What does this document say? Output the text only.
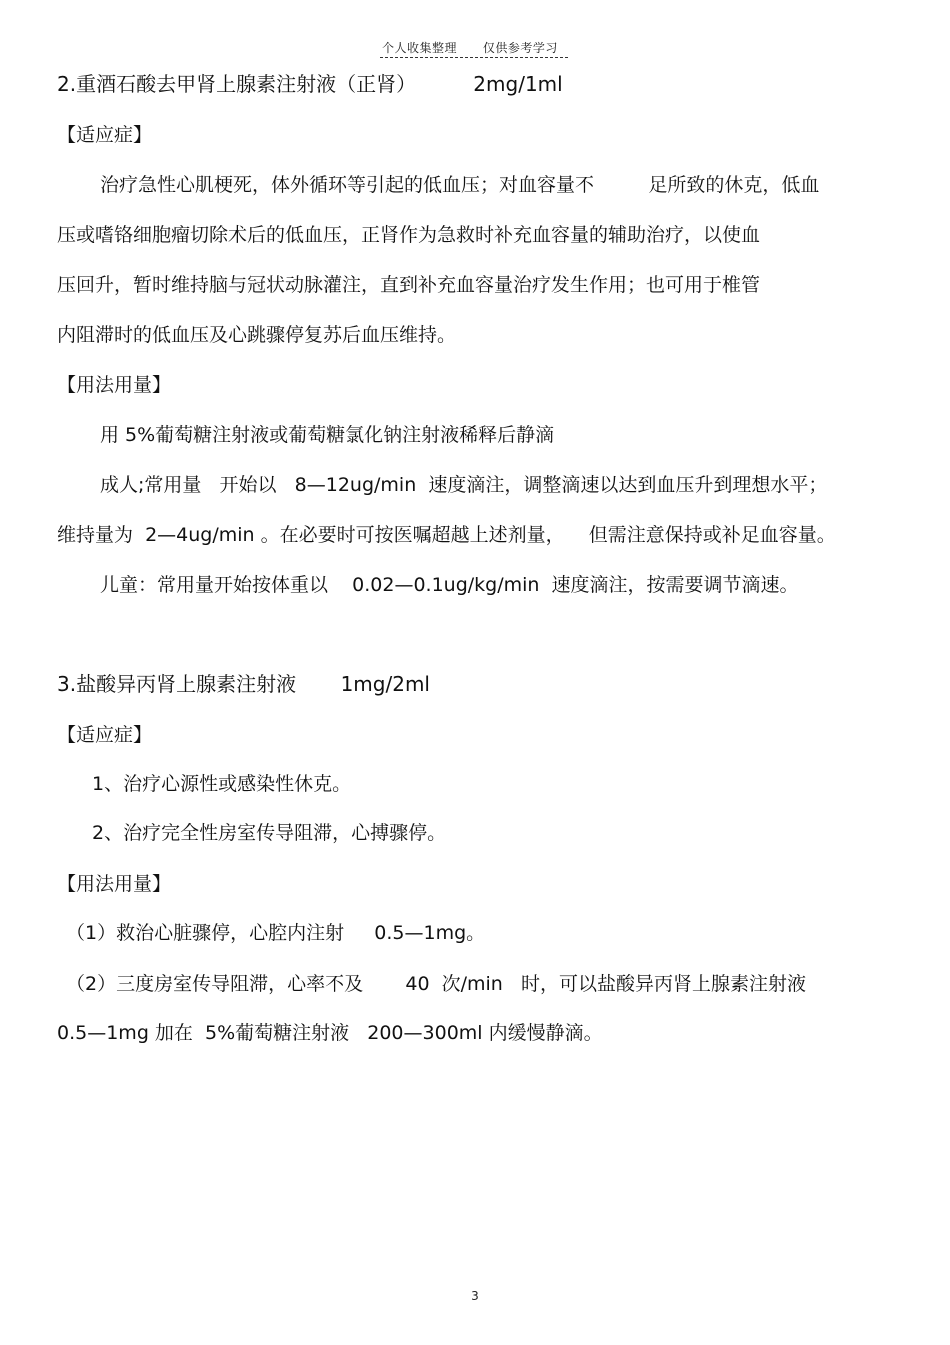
个人收集整理      仅供参考学习
2.重酒石酸去甲肾上腺素注射液（正肾）         2mg/1ml
【适应症】
治疗急性心肌梗死，体外循环等引起的低血压；对血容量不         足所致的休克，低血
压或嗜铬细胞瘤切除术后的低血压，正肾作为急救时补充血容量的辅助治疗，以使血
压回升，暂时维持脑与冠状动脉灌注，直到补充血容量治疗发生作用；也可用于椎管
内阻滞时的低血压及心跳骤停复苏后血压维持。
【用法用量】
用 5%葡萄糖注射液或葡萄糖氯化钠注射液稀释后静滴
成人;常用量   开始以   8—12ug/min  速度滴注，调整滴速以达到血压升到理想水平；
维持量为  2—4ug/min 。在必要时可按医嘱超越上述剂量，    但需注意保持或补足血容量。
儿童：常用量开始按体重以    0.02—0.1ug/kg/min  速度滴注，按需要调节滴速。
3.盐酸异丙肾上腺素注射液       1mg/2ml
【适应症】
1、治疗心源性或感染性休克。
2、治疗完全性房室传导阻滞，心搏骤停。
【用法用量】
（1）救治心脏骤停，心腔内注射     0.5—1mg。
（2）三度房室传导阻滞，心率不及       40  次/min   时，可以盐酸异丙肾上腺素注射液
0.5—1mg 加在  5%葡萄糖注射液   200—300ml 内缓慢静滴。
3
